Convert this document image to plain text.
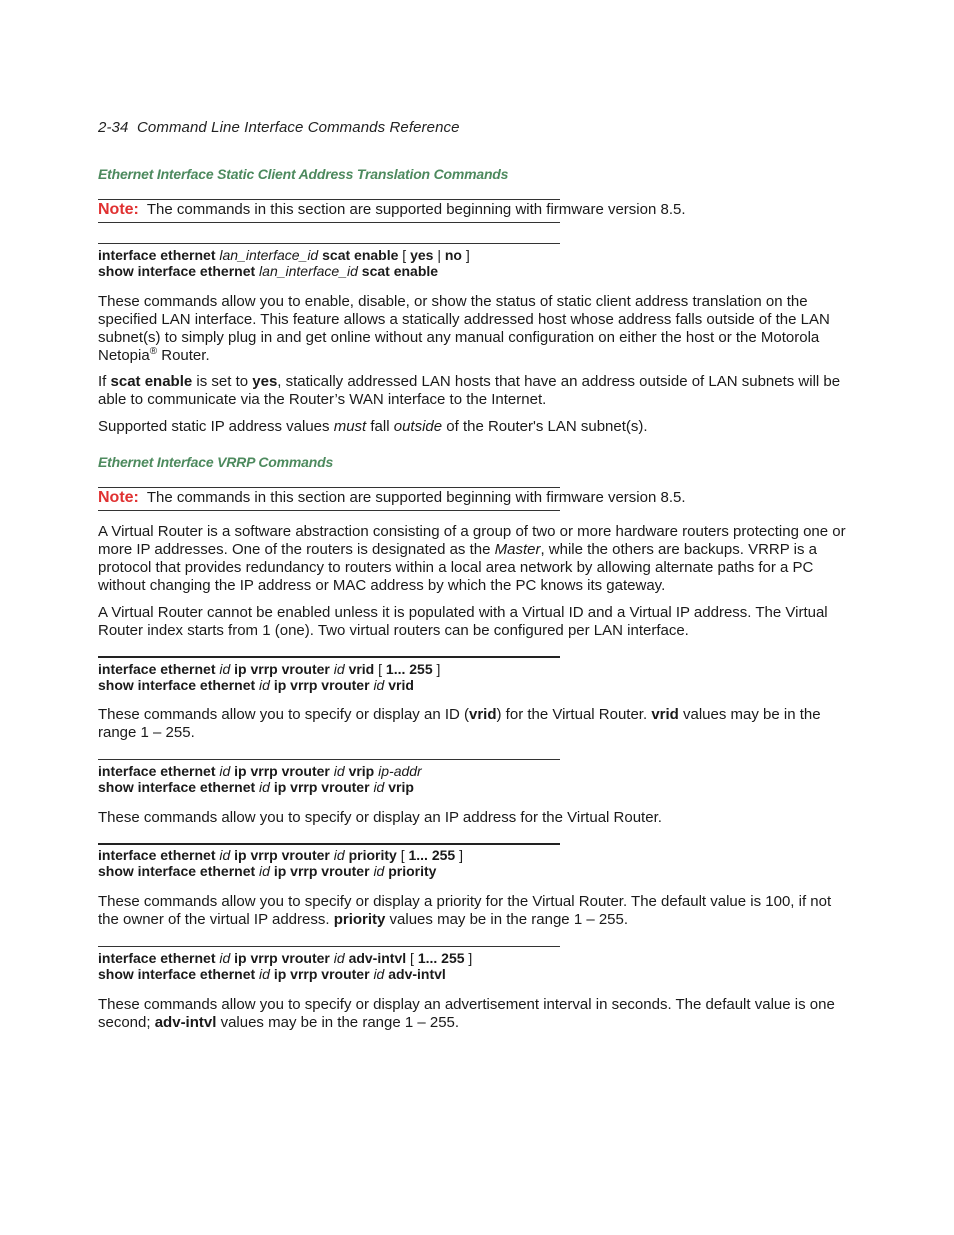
2-34 Command Line Interface Commands Reference
Ethernet Interface Static Client Address Translation Commands
Note: The commands in this section are supported beginning with firmware version 8.5.
interface ethernet lan_interface_id scat enable [ yes | no ]
show interface ethernet lan_interface_id scat enable
These commands allow you to enable, disable, or show the status of static client address translation on the specified LAN interface. This feature allows a statically addressed host whose address falls outside of the LAN subnet(s) to simply plug in and get online without any manual configuration on either the host or the Motorola Netopia® Router.
If scat enable is set to yes, statically addressed LAN hosts that have an address outside of LAN subnets will be able to communicate via the Router’s WAN interface to the Internet.
Supported static IP address values must fall outside of the Router's LAN subnet(s).
Ethernet Interface VRRP Commands
Note: The commands in this section are supported beginning with firmware version 8.5.
A Virtual Router is a software abstraction consisting of a group of two or more hardware routers protecting one or more IP addresses. One of the routers is designated as the Master, while the others are backups. VRRP is a protocol that provides redundancy to routers within a local area network by allowing alternate paths for a PC without changing the IP address or MAC address by which the PC knows its gateway.
A Virtual Router cannot be enabled unless it is populated with a Virtual ID and a Virtual IP address. The Virtual Router index starts from 1 (one). Two virtual routers can be configured per LAN interface.
interface ethernet id ip vrrp vrouter id vrid [ 1... 255 ]
show interface ethernet id ip vrrp vrouter id vrid
These commands allow you to specify or display an ID (vrid) for the Virtual Router. vrid values may be in the range 1 – 255.
interface ethernet id ip vrrp vrouter id vrip ip-addr
show interface ethernet id ip vrrp vrouter id vrip
These commands allow you to specify or display an IP address for the Virtual Router.
interface ethernet id ip vrrp vrouter id priority [ 1... 255 ]
show interface ethernet id ip vrrp vrouter id priority
These commands allow you to specify or display a priority for the Virtual Router. The default value is 100, if not the owner of the virtual IP address. priority values may be in the range 1 – 255.
interface ethernet id ip vrrp vrouter id adv-intvl [ 1... 255 ]
show interface ethernet id ip vrrp vrouter id adv-intvl
These commands allow you to specify or display an advertisement interval in seconds. The default value is one second; adv-intvl values may be in the range 1 – 255.
